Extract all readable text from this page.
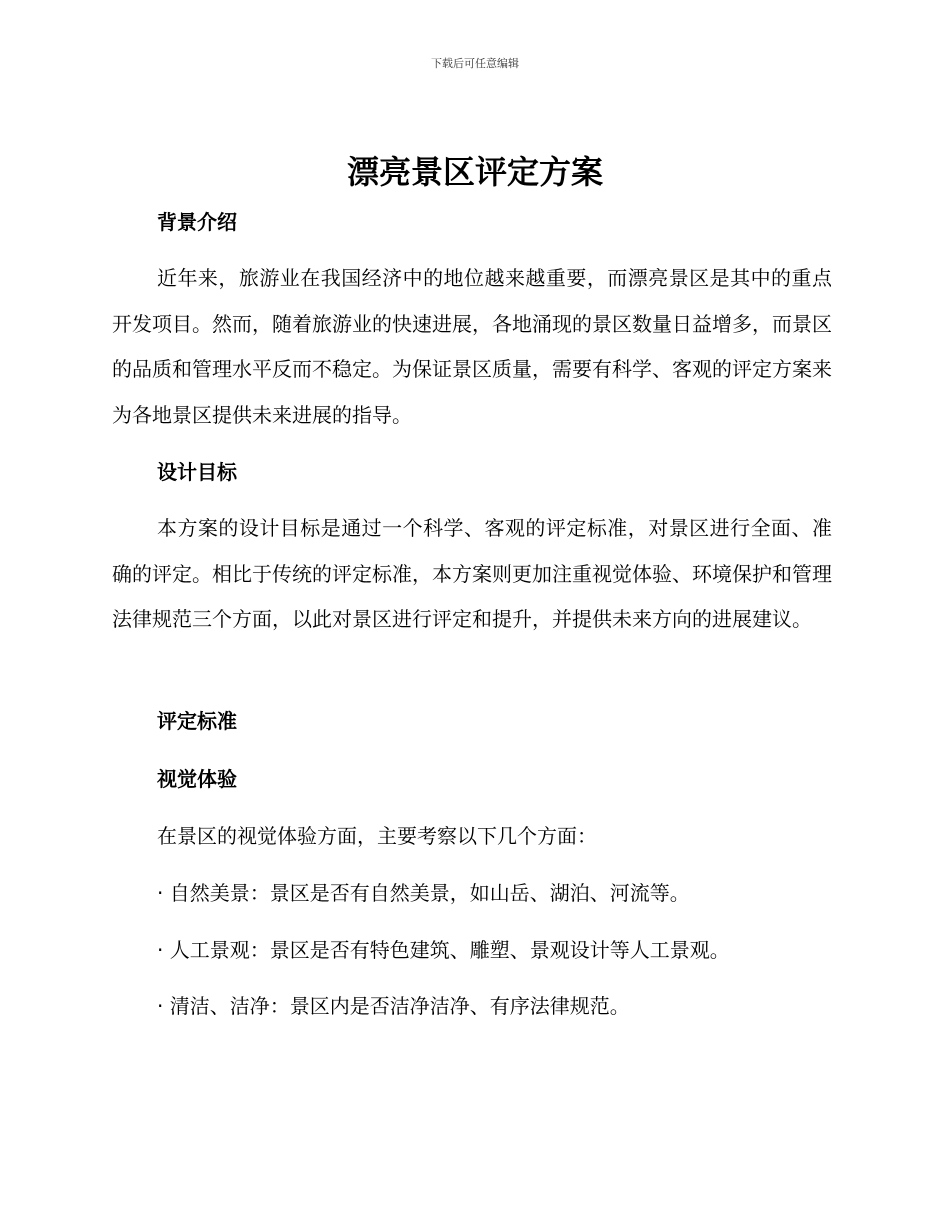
下载后可任意编辑
漂亮景区评定方案
背景介绍
近年来，旅游业在我国经济中的地位越来越重要，而漂亮景区是其中的重点开发项目。然而，随着旅游业的快速进展，各地涌现的景区数量日益增多，而景区的品质和管理水平反而不稳定。为保证景区质量，需要有科学、客观的评定方案来为各地景区提供未来进展的指导。
设计目标
本方案的设计目标是通过一个科学、客观的评定标准，对景区进行全面、准确的评定。相比于传统的评定标准，本方案则更加注重视觉体验、环境保护和管理法律规范三个方面，以此对景区进行评定和提升，并提供未来方向的进展建议。
评定标准
视觉体验
在景区的视觉体验方面，主要考察以下几个方面：
· 自然美景：景区是否有自然美景，如山岳、湖泊、河流等。
· 人工景观：景区是否有特色建筑、雕塑、景观设计等人工景观。
· 清洁、洁净：景区内是否洁净洁净、有序法律规范。
